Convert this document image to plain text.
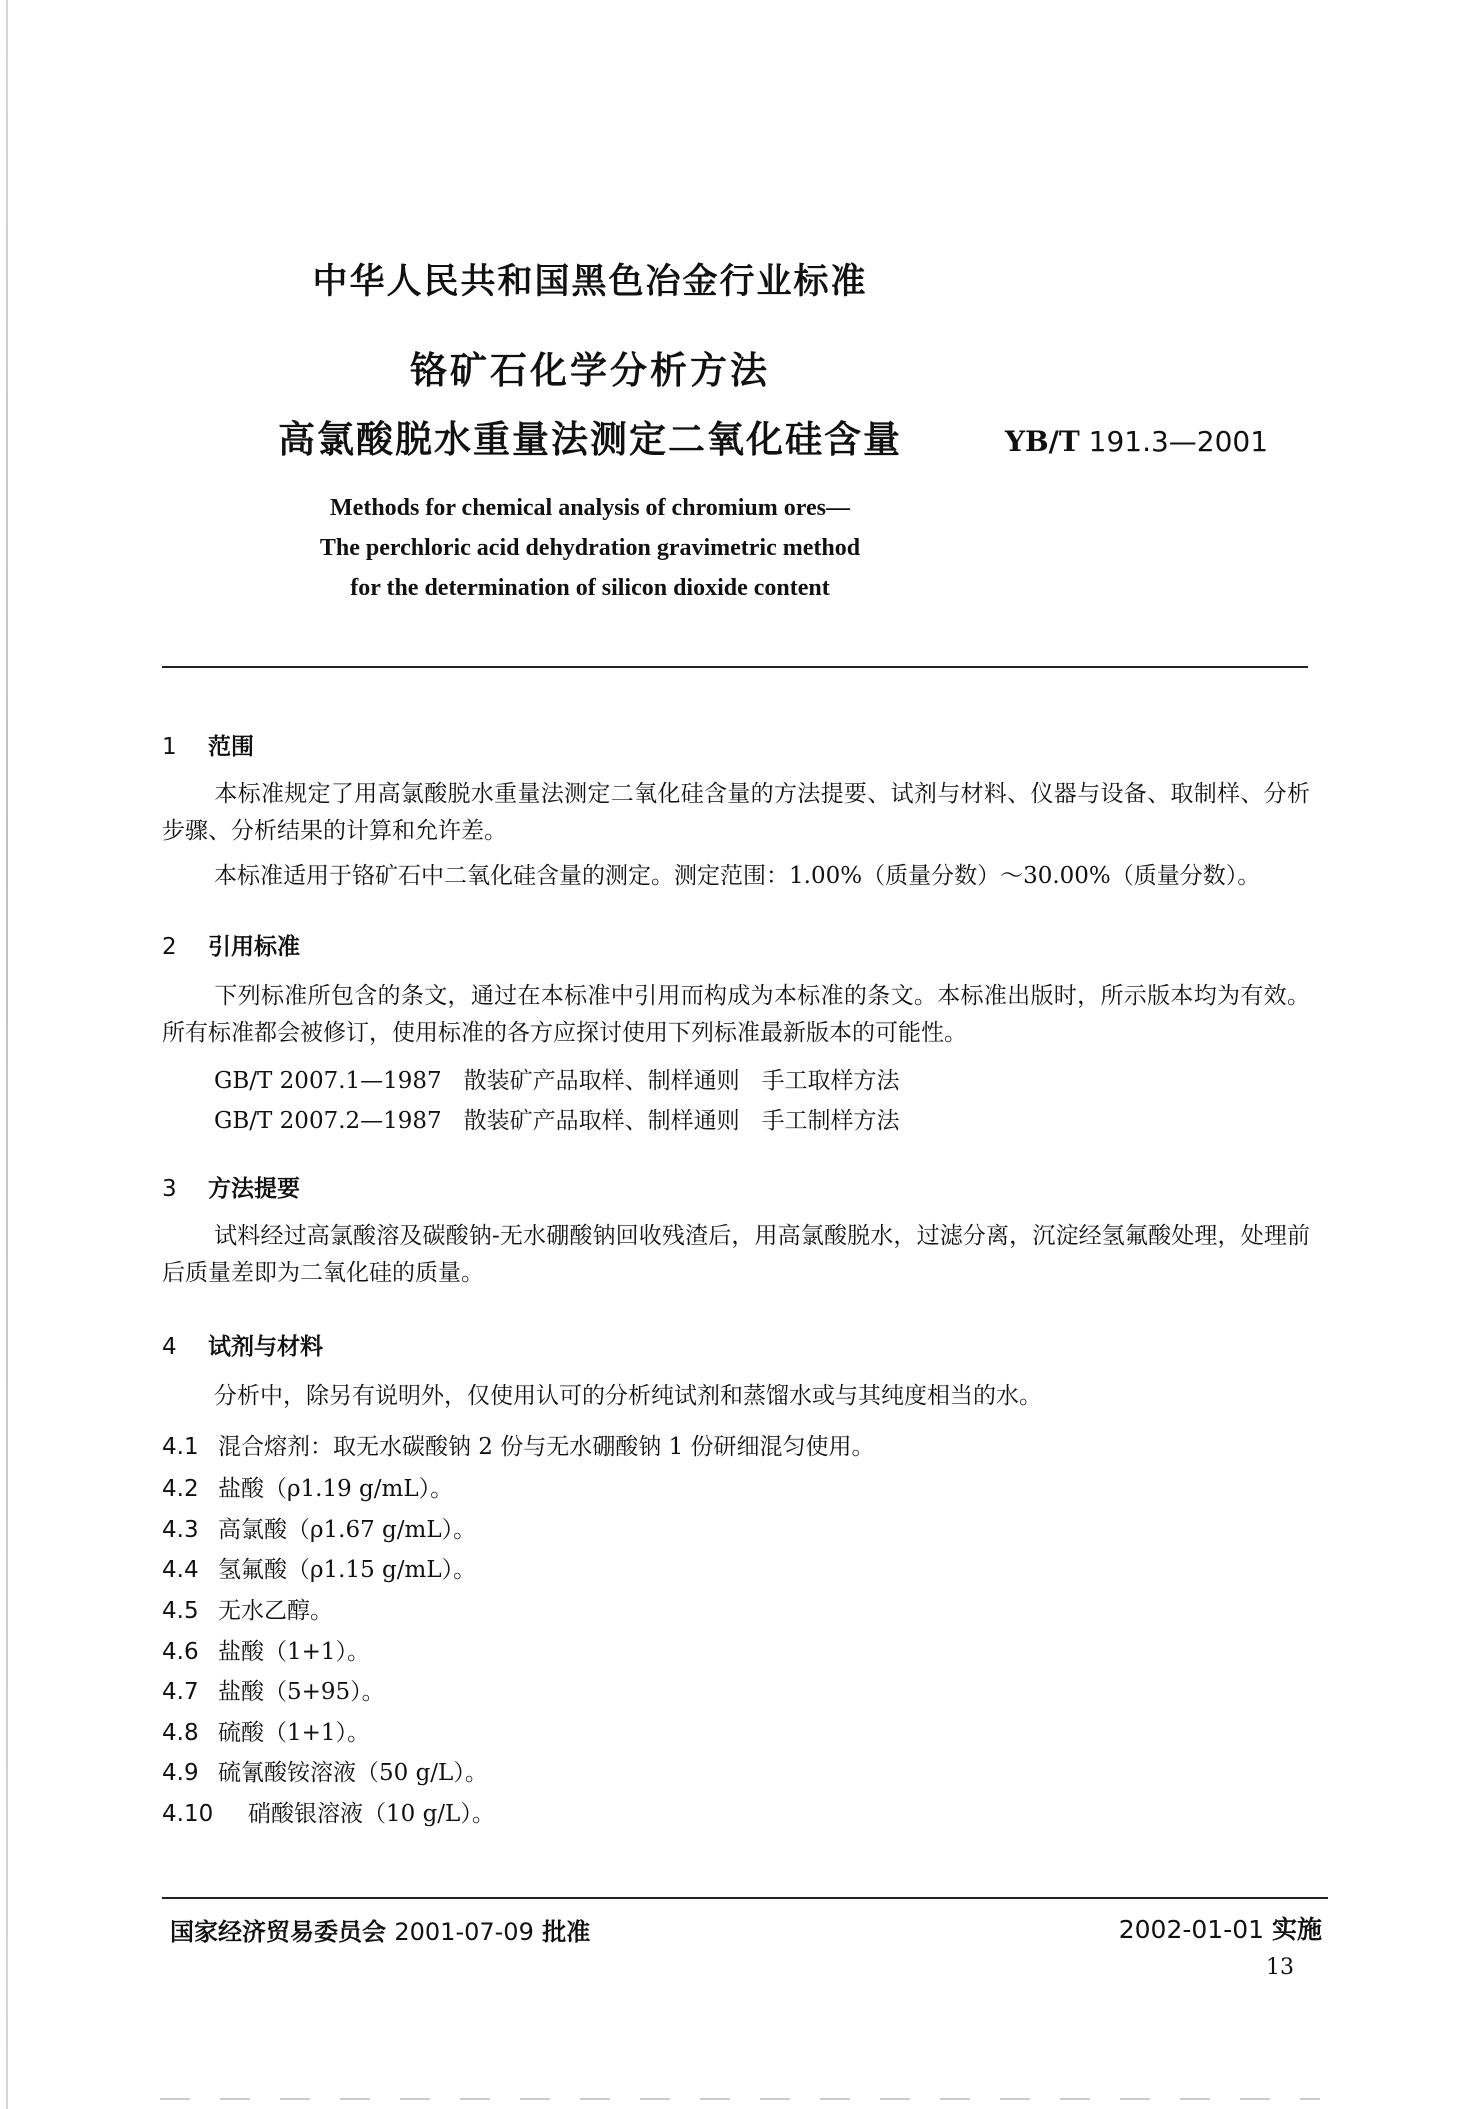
中华人民共和国黑色冶金行业标准
铬矿石化学分析方法
高氯酸脱水重量法测定二氧化硅含量	YB/T 191.3—2001
Methods for chemical analysis of chromium ores—
The perchloric acid dehydration gravimetric method
for the determination of silicon dioxide content
1 范围
本标准规定了用高氯酸脱水重量法测定二氧化硅含量的方法提要、试剂与材料、仪器与设备、取制样、分析步骤、分析结果的计算和允许差。
本标准适用于铬矿石中二氧化硅含量的测定。测定范围：1.00%（质量分数）～30.00%（质量分数）。
2 引用标准
下列标准所包含的条文，通过在本标准中引用而构成为本标准的条文。本标准出版时，所示版本均为有效。所有标准都会被修订，使用标准的各方应探讨使用下列标准最新版本的可能性。
GB/T 2007.1—1987   散装矿产品取样、制样通则   手工取样方法
GB/T 2007.2—1987   散装矿产品取样、制样通则   手工制样方法
3 方法提要
试料经过高氯酸溶及碳酸钠-无水硼酸钠回收残渣后，用高氯酸脱水，过滤分离，沉淀经氢氟酸处理，处理前后质量差即为二氧化硅的质量。
4 试剂与材料
分析中，除另有说明外，仅使用认可的分析纯试剂和蒸馏水或与其纯度相当的水。
4.1 混合熔剂：取无水碳酸钠 2 份与无水硼酸钠 1 份研细混匀使用。
4.2 盐酸（ρ1.19 g/mL）。
4.3 高氯酸（ρ1.67 g/mL）。
4.4 氢氟酸（ρ1.15 g/mL）。
4.5 无水乙醇。
4.6 盐酸（1+1）。
4.7 盐酸（5+95）。
4.8 硫酸（1+1）。
4.9 硫氰酸铵溶液（50 g/L）。
4.10 硝酸银溶液（10 g/L）。
国家经济贸易委员会 2001-07-09 批准	2002-01-01 实施
13
